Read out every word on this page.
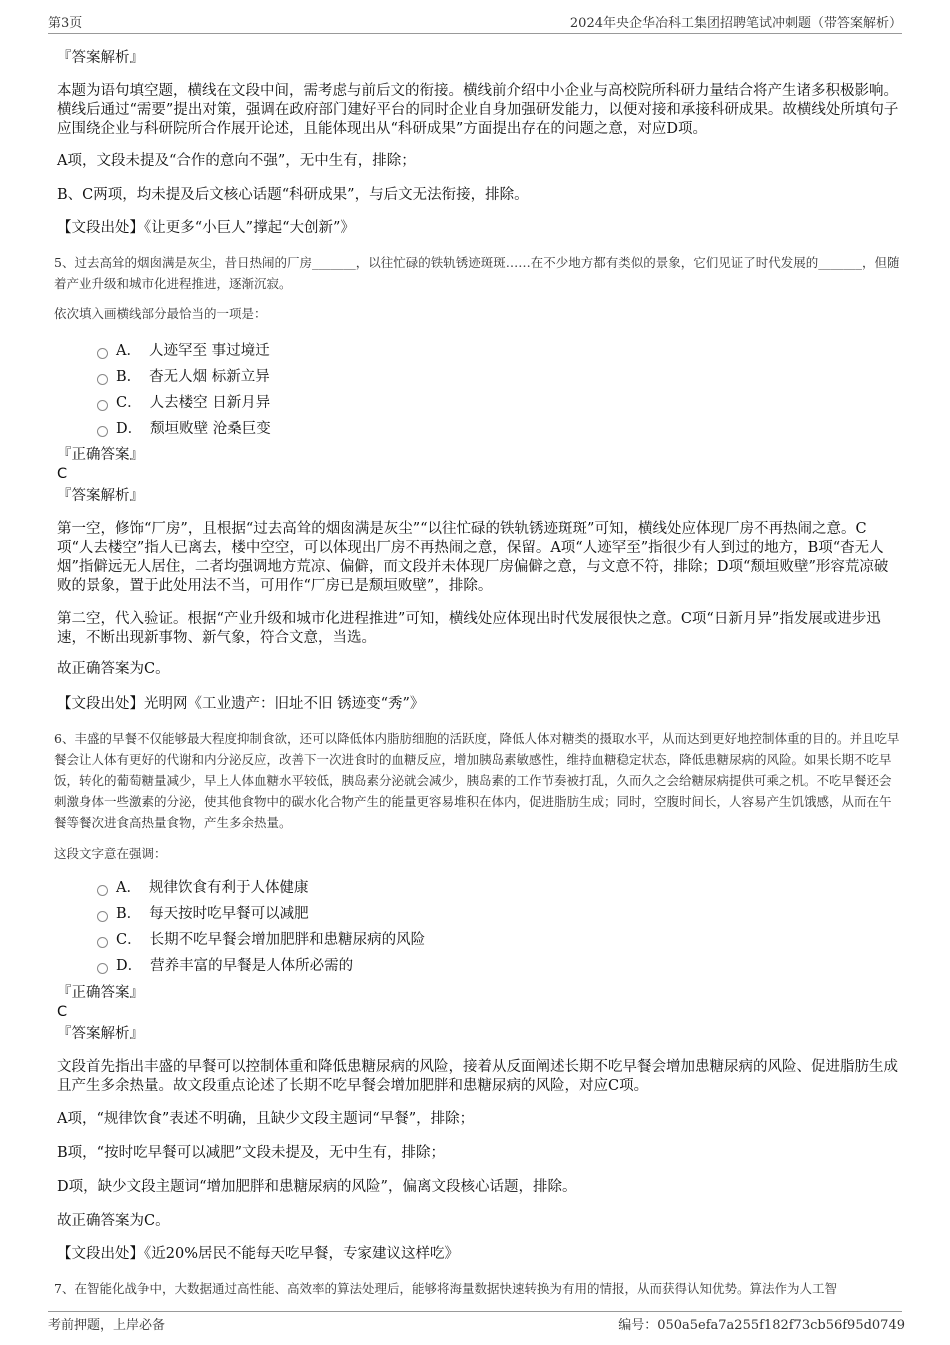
第3页	2024年央企华冶科工集团招聘笔试冲刺题（带答案解析）
『答案解析』
本题为语句填空题，横线在文段中间，需考虑与前后文的衔接。横线前介绍中小企业与高校院所科研力量结合将产生诸多积极影响。横线后通过“需要”提出对策，强调在政府部门建好平台的同时企业自身加强研发能力，以便对接和承接科研成果。故横线处所填句子应围绕企业与科研院所合作展开论述，且能体现出从“科研成果”方面提出存在的问题之意，对应D项。
A项，文段未提及“合作的意向不强”，无中生有，排除；
B、C两项，均未提及后文核心话题“科研成果”，与后文无法衔接，排除。
【文段出处】《让更多“小巨人”撑起“大创新”》
5、过去高耸的烟囱满是灰尘，昔日热闹的厂房_______，以往忙碌的铁轨锈迹斑斑……在不少地方都有类似的景象，它们见证了时代发展的_______，但随着产业升级和城市化进程推进，逐渐沉寂。
依次填入画横线部分最恰当的一项是：
A． 人迹罕至 事过境迁
B． 杳无人烟 标新立异
C． 人去楼空 日新月异
D． 颓垣败壁 沧桑巨变
『正确答案』
C
『答案解析』
第一空，修饰“厂房”，且根据“过去高耸的烟囱满是灰尘”“以往忙碌的铁轨锈迹斑斑”可知，横线处应体现厂房不再热闹之意。C项“人去楼空”指人已离去，楼中空空，可以体现出厂房不再热闹之意，保留。A项“人迹罕至”指很少有人到过的地方，B项“杳无人烟”指僻远无人居住，二者均强调地方荒凉、偏僻，而文段并未体现厂房偏僻之意，与文意不符，排除；D项“颓垣败壁”形容荒凉破败的景象，置于此处用法不当，可用作“厂房已是颓垣败壁”，排除。
第二空，代入验证。根据“产业升级和城市化进程推进”可知，横线处应体现出时代发展很快之意。C项“日新月异”指发展或进步迅速，不断出现新事物、新气象，符合文意，当选。
故正确答案为C。
【文段出处】光明网《工业遗产：旧址不旧 锈迹变“秀”》
6、丰盛的早餐不仅能够最大程度抑制食欲，还可以降低体内脂肪细胞的活跃度，降低人体对糖类的摄取水平，从而达到更好地控制体重的目的。并且吃早餐会让人体有更好的代谢和内分泌反应，改善下一次进食时的血糖反应，增加胰岛素敏感性，维持血糖稳定状态，降低患糖尿病的风险。如果长期不吃早饭，转化的葡萄糖量减少，早上人体血糖水平较低，胰岛素分泌就会减少，胰岛素的工作节奏被打乱，久而久之会给糖尿病提供可乘之机。不吃早餐还会刺激身体一些激素的分泌，使其他食物中的碳水化合物产生的能量更容易堆积在体内，促进脂肪生成；同时，空腹时间长，人容易产生饥饿感，从而在午餐等餐次进食高热量食物，产生多余热量。
这段文字意在强调：
A． 规律饮食有利于人体健康
B． 每天按时吃早餐可以减肥
C． 长期不吃早餐会增加肥胖和患糖尿病的风险
D． 营养丰富的早餐是人体所必需的
『正确答案』
C
『答案解析』
文段首先指出丰盛的早餐可以控制体重和降低患糖尿病的风险，接着从反面阐述长期不吃早餐会增加患糖尿病的风险、促进脂肪生成且产生多余热量。故文段重点论述了长期不吃早餐会增加肥胖和患糖尿病的风险，对应C项。
A项，“规律饮食”表述不明确，且缺少文段主题词“早餐”，排除；
B项，“按时吃早餐可以减肥”文段未提及，无中生有，排除；
D项，缺少文段主题词“增加肥胖和患糖尿病的风险”，偏离文段核心话题，排除。
故正确答案为C。
【文段出处】《近20%居民不能每天吃早餐，专家建议这样吃》
7、在智能化战争中，大数据通过高性能、高效率的算法处理后，能够将海量数据快速转换为有用的情报，从而获得认知优势。算法作为人工智
考前押题，上岸必备	编号：050a5efa7a255f182f73cb56f95d0749
